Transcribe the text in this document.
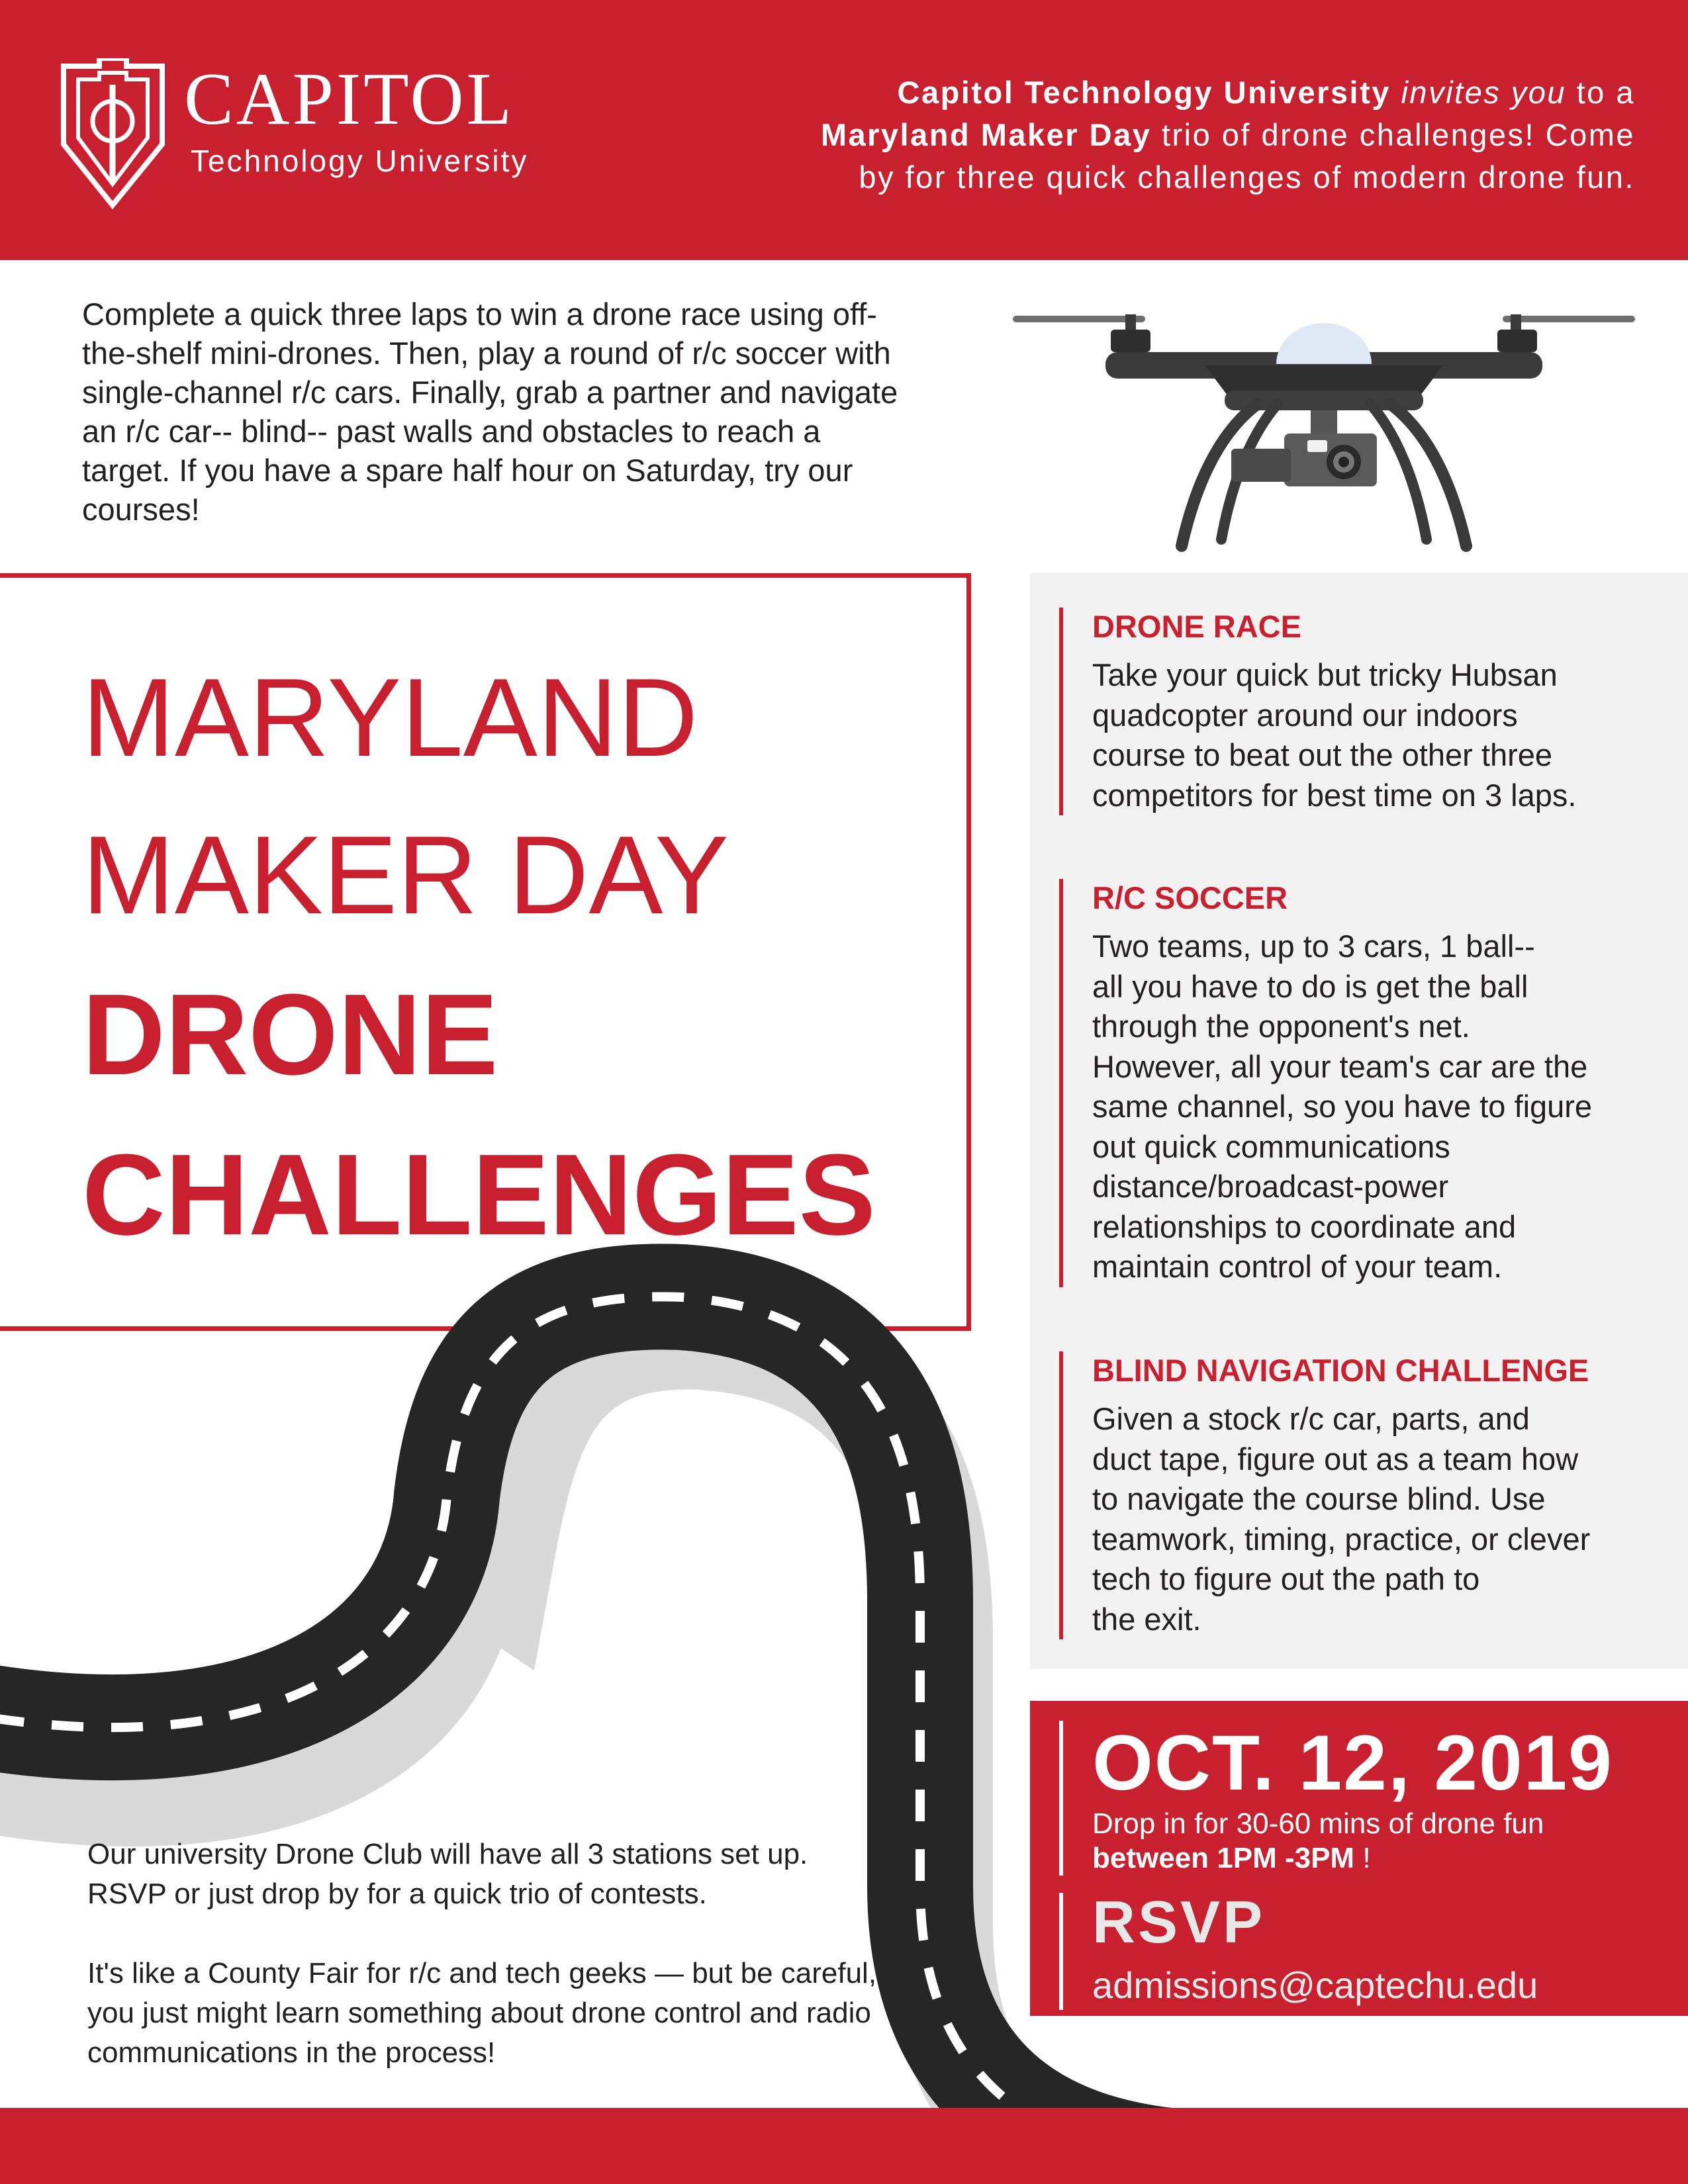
CAPITOL
Technology University
Capitol Technology University invites you to a
Maryland Maker Day trio of drone challenges! Come
by for three quick challenges of modern drone fun.
Complete a quick three laps to win a drone race using off-the-shelf mini-drones. Then, play a round of r/c soccer with single-channel r/c cars. Finally, grab a partner and navigate an r/c car-- blind-- past walls and obstacles to reach a target. If you have a spare half hour on Saturday, try our courses!
MARYLAND
MAKER DAY
DRONE
CHALLENGES
DRONE RACE
Take your quick but tricky Hubsan
quadcopter around our indoors
course to beat out the other three
competitors for best time on 3 laps.
R/C SOCCER
Two teams, up to 3 cars, 1 ball--
all you have to do is get the ball
through the opponent's net.
However, all your team's car are the
same channel, so you have to figure
out quick communications
distance/broadcast-power
relationships to coordinate and
maintain control of your team.
BLIND NAVIGATION CHALLENGE
Given a stock r/c car, parts, and
duct tape, figure out as a team how
to navigate the course blind. Use
teamwork, timing, practice, or clever
tech to figure out the path to
the exit.
OCT. 12, 2019
Drop in for 30-60 mins of drone fun
between 1PM -3PM !
RSVP
admissions@captechu.edu

Our university Drone Club will have all 3 stations set up. RSVP or just drop by for a quick trio of contests.

It's like a County Fair for r/c and tech geeks — but be careful, you just might learn something about drone control and radio communications in the process!
